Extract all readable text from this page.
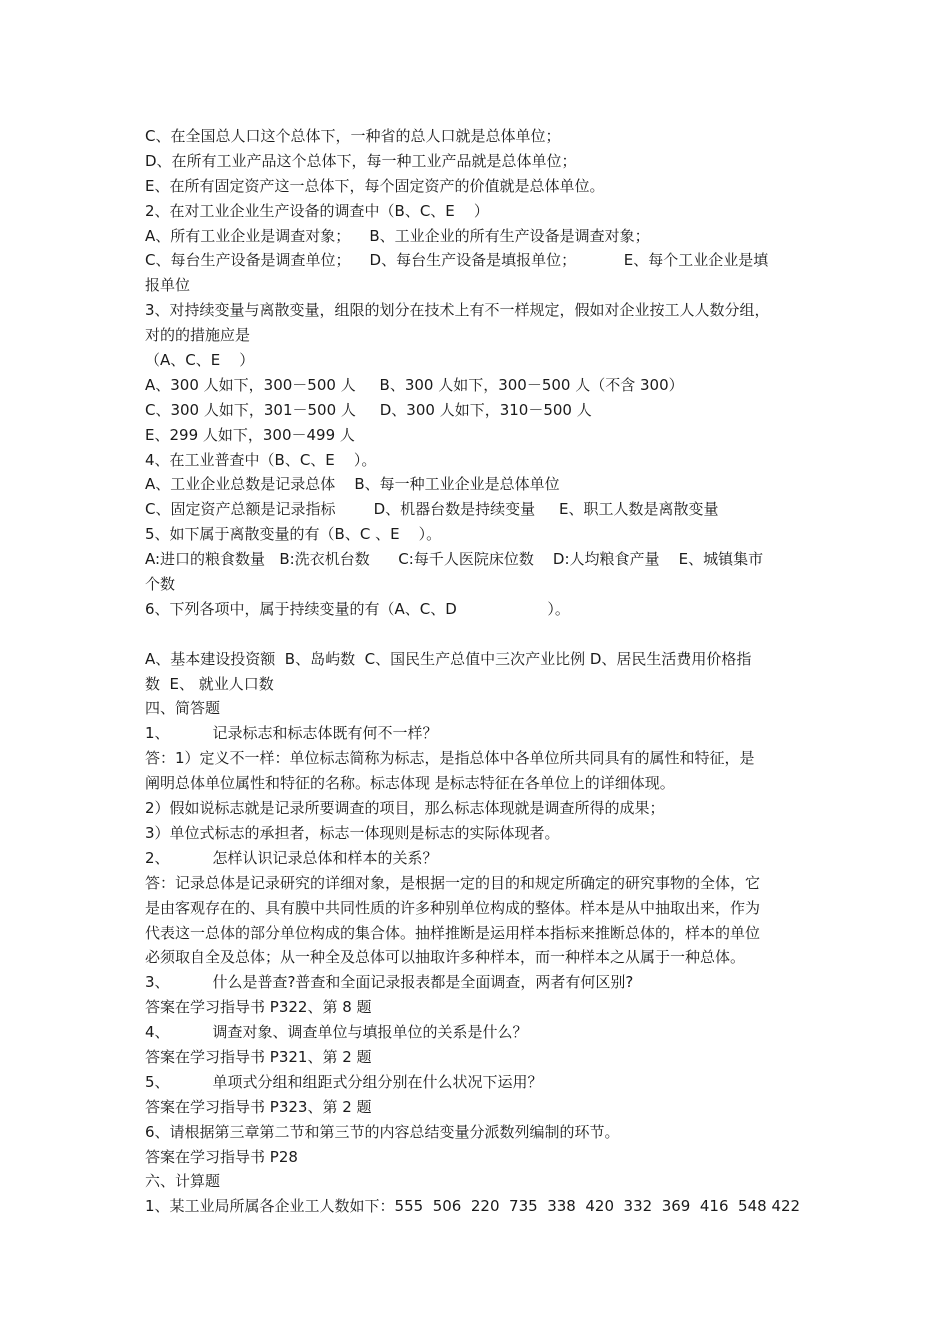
C、在全国总人口这个总体下，一种省的总人口就是总体单位；
D、在所有工业产品这个总体下，每一种工业产品就是总体单位；
E、在所有固定资产这一总体下，每个固定资产的价值就是总体单位。
2、在对工业企业生产设备的调查中（B、C、E    ）
A、所有工业企业是调查对象；    B、工业企业的所有生产设备是调查对象；
C、每台生产设备是调查单位；    D、每台生产设备是填报单位；          E、每个工业企业是填
报单位
3、对持续变量与离散变量，组限的划分在技术上有不一样规定，假如对企业按工人人数分组，
对的的措施应是
（A、C、E    ）
A、300 人如下，300－500 人     B、300 人如下，300－500 人（不含 300）
C、300 人如下，301－500 人     D、300 人如下，310－500 人
E、299 人如下，300－499 人
4、在工业普查中（B、C、E    ）。
A、工业企业总数是记录总体    B、每一种工业企业是总体单位
C、固定资产总额是记录指标        D、机器台数是持续变量     E、职工人数是离散变量
5、如下属于离散变量的有（B、C 、E    ）。
A:进口的粮食数量   B:洗衣机台数      C:每千人医院床位数    D:人均粮食产量    E、城镇集市
个数
6、下列各项中，属于持续变量的有（A、C、D                   ）。
A、基本建设投资额  B、岛屿数  C、国民生产总值中三次产业比例 D、居民生活费用价格指
数  E、 就业人口数
四、简答题
1、         记录标志和标志体既有何不一样？
答：1）定义不一样：单位标志简称为标志，是指总体中各单位所共同具有的属性和特征，是
阐明总体单位属性和特征的名称。标志体现 是标志特征在各单位上的详细体现。
2）假如说标志就是记录所要调查的项目，那么标志体现就是调查所得的成果；
3）单位式标志的承担者，标志一体现则是标志的实际体现者。
2、         怎样认识记录总体和样本的关系？
答：记录总体是记录研究的详细对象，是根据一定的目的和规定所确定的研究事物的全体，它
是由客观存在的、具有膜中共同性质的许多种别单位构成的整体。样本是从中抽取出来，作为
代表这一总体的部分单位构成的集合体。抽样推断是运用样本指标来推断总体的，样本的单位
必须取自全及总体；从一种全及总体可以抽取许多种样本，而一种样本之从属于一种总体。
3、         什么是普查?普查和全面记录报表都是全面调查，两者有何区别?
答案在学习指导书 P322、第 8 题
4、         调查对象、调查单位与填报单位的关系是什么？
答案在学习指导书 P321、第 2 题
5、         单项式分组和组距式分组分别在什么状况下运用？
答案在学习指导书 P323、第 2 题
6、请根据第三章第二节和第三节的内容总结变量分派数列编制的环节。
答案在学习指导书 P28
六、计算题
1、某工业局所属各企业工人数如下：555  506  220  735  338  420  332  369  416  548 422
